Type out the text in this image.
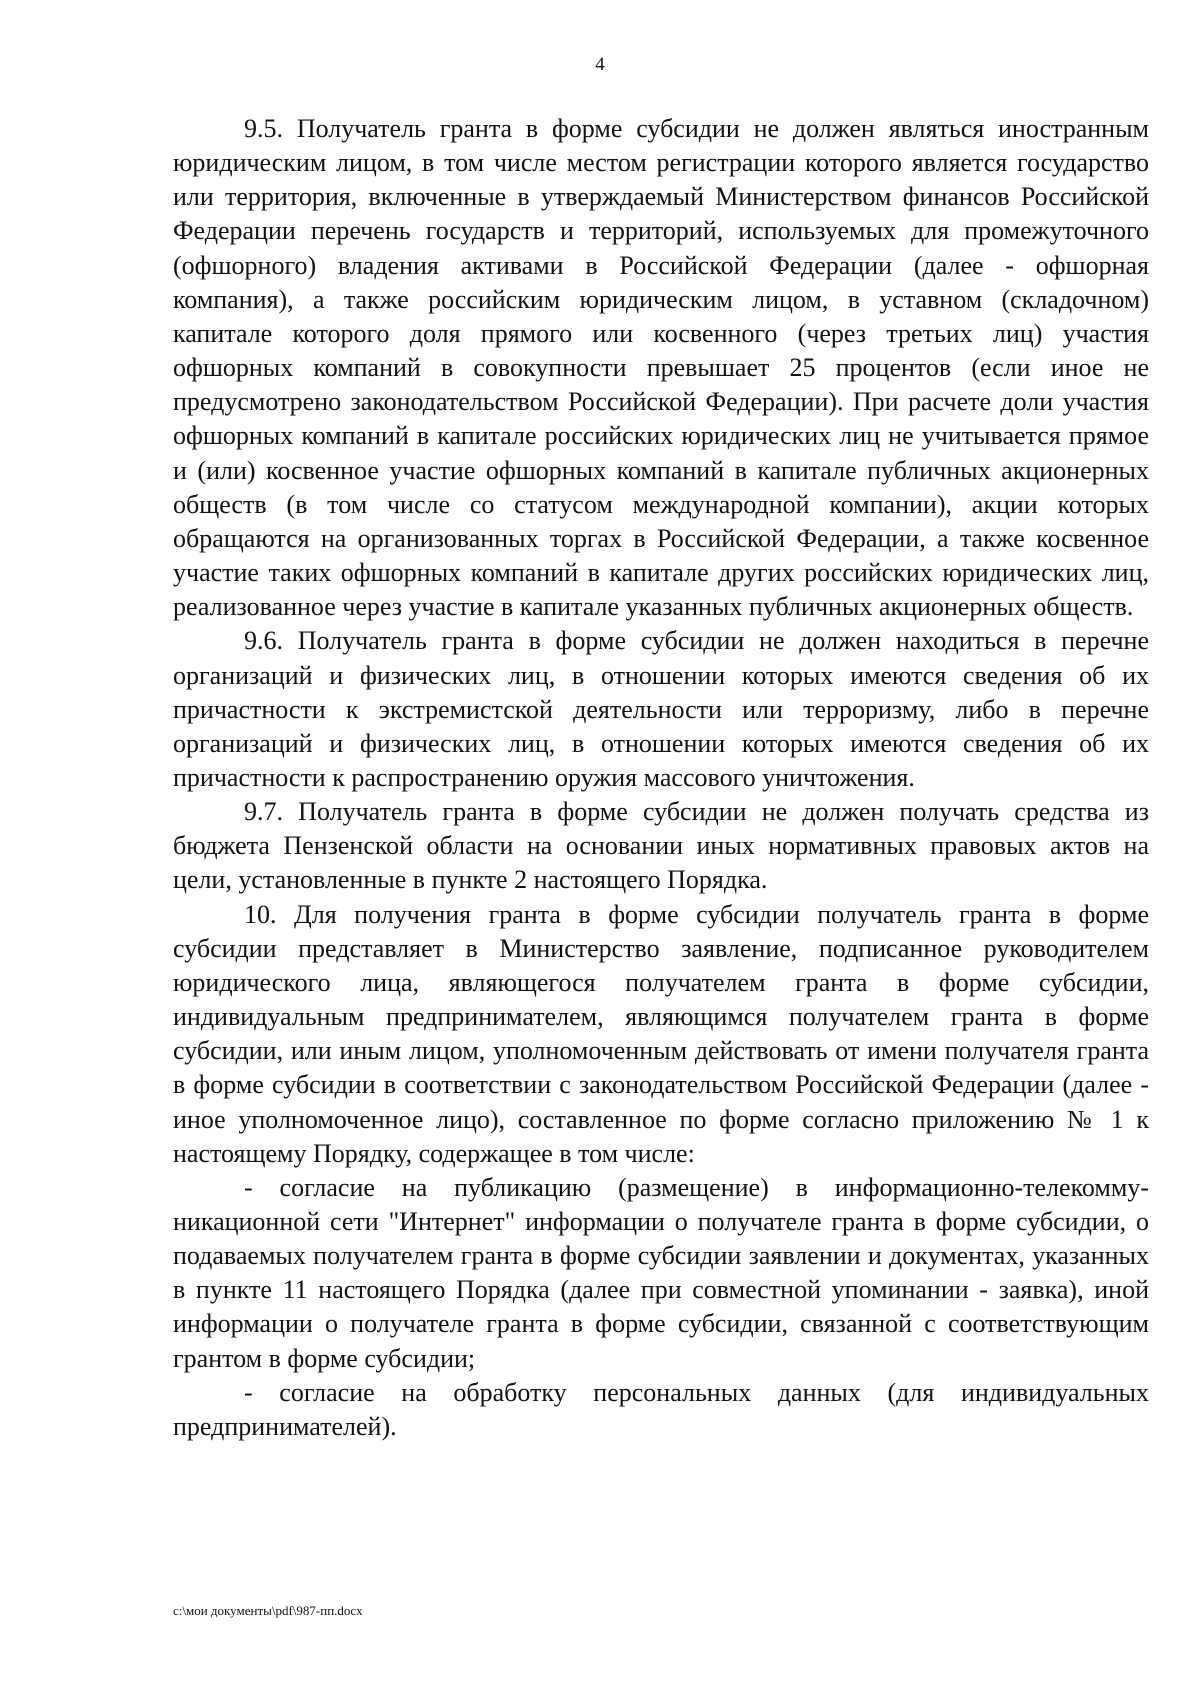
4

9.5. Получатель гранта в форме субсидии не должен являться иностранным юридическим лицом, в том числе местом регистрации которого является государство или территория, включенные в утверждаемый Министерством финансов Российской Федерации перечень государств и территорий, используемых для промежуточного (офшорного) владения активами в Российской Федерации (далее - офшорная компания), а также российским юридическим лицом, в уставном (складочном) капитале которого доля прямого или косвенного (через третьих лиц) участия офшорных компаний в совокупности превышает 25 процентов (если иное не предусмотрено законодательством Российской Федерации). При расчете доли участия офшорных компаний в капитале российских юридических лиц не учитывается прямое и (или) косвенное участие офшорных компаний в капитале публичных акционерных обществ (в том числе со статусом международной компании), акции которых обращаются на организованных торгах в Российской Федерации, а также косвенное участие таких офшорных компаний в капитале других российских юридических лиц, реализованное через участие в капитале указанных публичных акционерных обществ.

9.6. Получатель гранта в форме субсидии не должен находиться в перечне организаций и физических лиц, в отношении которых имеются сведения об их причастности к экстремистской деятельности или терроризму, либо в перечне организаций и физических лиц, в отношении которых имеются сведения об их причастности к распространению оружия массового уничтожения.

9.7. Получатель гранта в форме субсидии не должен получать средства из бюджета Пензенской области на основании иных нормативных правовых актов на цели, установленные в пункте 2 настоящего Порядка.

10. Для получения гранта в форме субсидии получатель гранта в форме субсидии представляет в Министерство заявление, подписанное руководителем юридического лица, являющегося получателем гранта в форме субсидии, индивидуальным предпринимателем, являющимся получателем гранта в форме субсидии, или иным лицом, уполномоченным действовать от имени получателя гранта в форме субсидии в соответствии с законодательством Российской Федерации (далее - иное уполномоченное лицо), составленное по форме согласно приложению № 1 к настоящему Порядку, содержащее в том числе:

- согласие на публикацию (размещение) в информационно-телекоммуникационной сети "Интернет" информации о получателе гранта в форме субсидии, о подаваемых получателем гранта в форме субсидии заявлении и документах, указанных в пункте 11 настоящего Порядка (далее при совместной упоминании - заявка), иной информации о получателе гранта в форме субсидии, связанной с соответствующим грантом в форме субсидии;

- согласие на обработку персональных данных (для индивидуальных предпринимателей).

c:\мои документы\pdf\987-пп.docx
